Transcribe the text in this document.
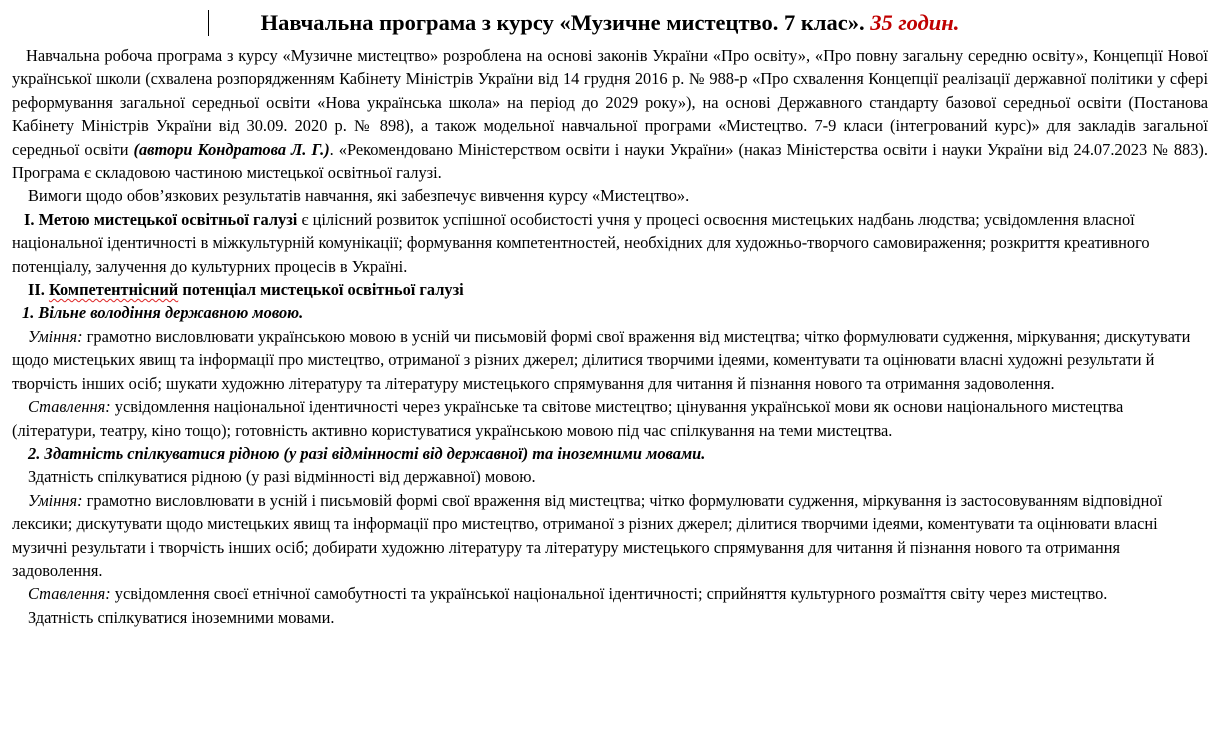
Навчальна програма з курсу «Музичне мистецтво. 7 клас». 35 годин.

Навчальна робоча програма з курсу «Музичне мистецтво» розроблена на основі законів України «Про освіту», «Про повну загальну середню освіту», Концепції Нової української школи (схвалена розпорядженням Кабінету Міністрів України від 14 грудня 2016 р. № 988-р «Про схвалення Концепції реалізації державної політики у сфері реформування загальної середньої освіти «Нова українська школа» на період до 2029 року»), на основі Державного стандарту базової середньої освіти (Постанова Кабінету Міністрів України від 30.09. 2020 р. № 898), а також модельної навчальної програми «Мистецтво. 7-9 класи (інтегрований курс)» для закладів загальної середньої освіти (автори Кондратова Л. Г.). «Рекомендовано Міністерством освіти і науки України» (наказ Міністерства освіти і науки України від 24.07.2023 № 883). Програма є складовою частиною мистецької освітньої галузі.

Вимоги щодо обов’язкових результатів навчання, які забезпечує вивчення курсу «Мистецтво».

І. Метою мистецької освітньої галузі є цілісний розвиток успішної особистості учня у процесі освоєння мистецьких надбань людства; усвідомлення власної національної ідентичності в міжкультурній комунікації; формування компетентностей, необхідних для художньо-творчого самовираження; розкриття креативного потенціалу, залучення до культурних процесів в Україні.

ІІ. Компетентнісний потенціал мистецької освітньої галузі

1. Вільне володіння державною мовою.

Уміння: грамотно висловлювати українською мовою в усній чи письмовій формі свої враження від мистецтва; чітко формулювати судження, міркування; дискутувати щодо мистецьких явищ та інформації про мистецтво, отриманої з різних джерел; ділитися творчими ідеями, коментувати та оцінювати власні художні результати й творчість інших осіб; шукати художню літературу та літературу мистецького спрямування для читання й пізнання нового та отримання задоволення.

Ставлення: усвідомлення національної ідентичності через українське та світове мистецтво; цінування української мови як основи національного мистецтва (літератури, театру, кіно тощо); готовність активно користуватися українською мовою під час спілкування на теми мистецтва.

2. Здатність спілкуватися рідною (у разі відмінності від державної) та іноземними мовами.

Здатність спілкуватися рідною (у разі відмінності від державної) мовою.

Уміння: грамотно висловлювати в усній і письмовій формі свої враження від мистецтва; чітко формулювати судження, міркування із застосовуванням відповідної лексики; дискутувати щодо мистецьких явищ та інформації про мистецтво, отриманої з різних джерел; ділитися творчими ідеями, коментувати та оцінювати власні музичні результати і творчість інших осіб; добирати художню літературу та літературу мистецького спрямування для читання й пізнання нового та отримання задоволення.

Ставлення: усвідомлення своєї етнічної самобутності та української національної ідентичності; сприйняття культурного розмаїття світу через мистецтво.

Здатність спілкуватися іноземними мовами.
